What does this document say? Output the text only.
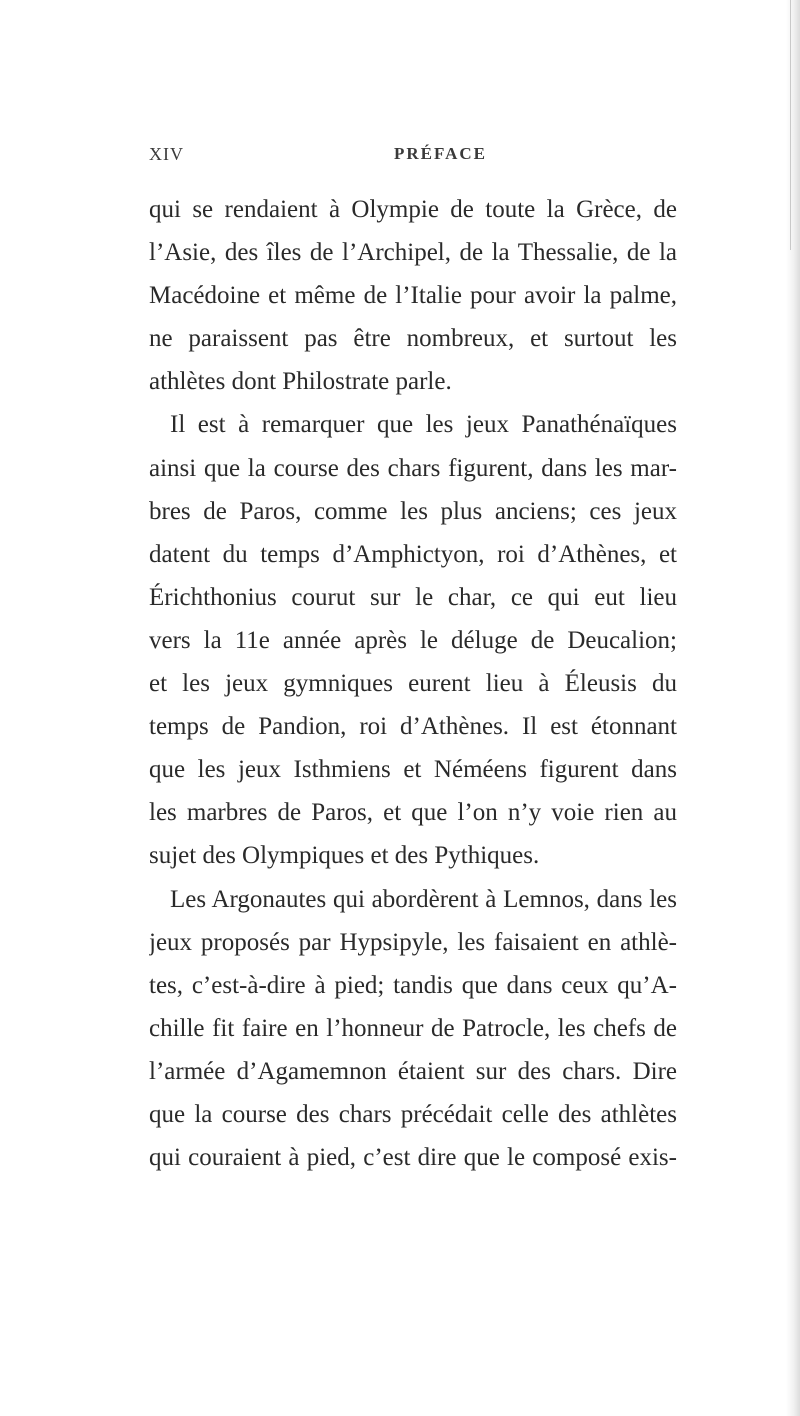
XIV	PRÉFACE
qui se rendaient à Olympie de toute la Grèce, de
l’Asie, des îles de l’Archipel, de la Thessalie, de la
Macédoine et même de l’Italie pour avoir la palme,
ne paraissent pas être nombreux, et surtout les
athlètes dont Philostrate parle.
Il est à remarquer que les jeux Panathénaïques
ainsi que la course des chars figurent, dans les mar-
bres de Paros, comme les plus anciens; ces jeux
datent du temps d’Amphictyon, roi d’Athènes, et
Érichthonius courut sur le char, ce qui eut lieu
vers la 11e année après le déluge de Deucalion;
et les jeux gymniques eurent lieu à Éleusis du
temps de Pandion, roi d’Athènes. Il est étonnant
que les jeux Isthmiens et Néméens figurent dans
les marbres de Paros, et que l’on n’y voie rien au
sujet des Olympiques et des Pythiques.
Les Argonautes qui abordèrent à Lemnos, dans les
jeux proposés par Hypsipyle, les faisaient en athlè-
tes, c’est-à-dire à pied; tandis que dans ceux qu’A-
chille fit faire en l’honneur de Patrocle, les chefs de
l’armée d’Agamemnon étaient sur des chars. Dire
que la course des chars précédait celle des athlètes
qui couraient à pied, c’est dire que le composé exis-
